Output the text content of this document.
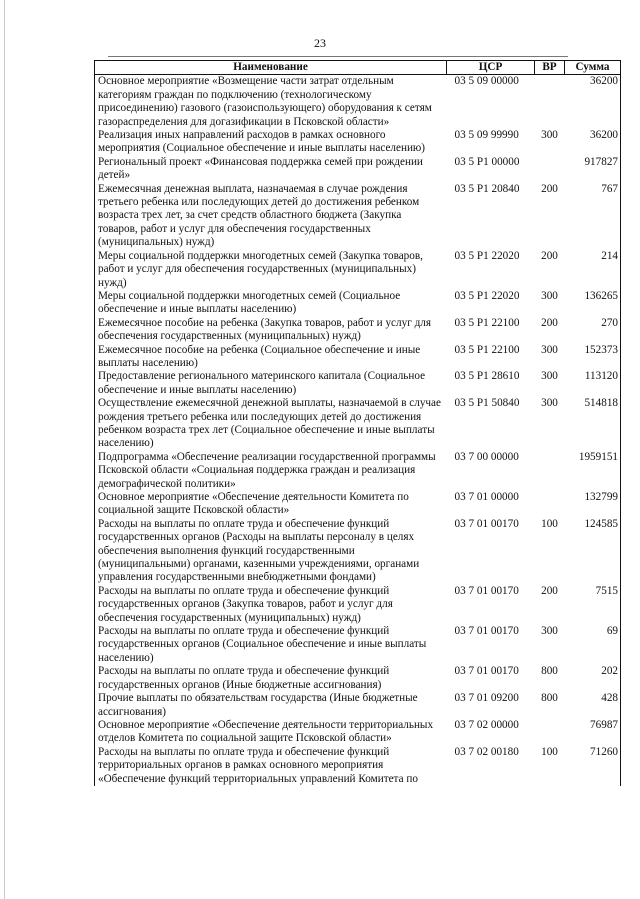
23
Наименование	ЦСР	ВР	Сумма
Основное мероприятие «Возмещение части затрат отдельным категориям граждан по подключению (технологическому присоединению) газового (газоиспользующего) оборудования к сетям газораспределения для догазификации в Псковской области»	03 5 09 00000		36200
Реализация иных направлений расходов в рамках основного мероприятия (Социальное обеспечение и иные выплаты населению)	03 5 09 99990	300	36200
Региональный проект «Финансовая поддержка семей при рождении детей»	03 5 Р1 00000		917827
Ежемесячная денежная выплата, назначаемая в случае рождения третьего ребенка или последующих детей до достижения ребенком возраста трех лет, за счет средств областного бюджета (Закупка товаров, работ и услуг для обеспечения государственных (муниципальных) нужд)	03 5 Р1 20840	200	767
Меры социальной поддержки многодетных семей (Закупка товаров, работ и услуг для обеспечения государственных (муниципальных) нужд)	03 5 Р1 22020	200	214
Меры социальной поддержки многодетных семей (Социальное обеспечение и иные выплаты населению)	03 5 Р1 22020	300	136265
Ежемесячное пособие на ребенка (Закупка товаров, работ и услуг для обеспечения государственных (муниципальных) нужд)	03 5 Р1 22100	200	270
Ежемесячное пособие на ребенка (Социальное обеспечение и иные выплаты населению)	03 5 Р1 22100	300	152373
Предоставление регионального материнского капитала (Социальное обеспечение и иные выплаты населению)	03 5 Р1 28610	300	113120
Осуществление ежемесячной денежной выплаты, назначаемой в случае рождения третьего ребенка или последующих детей до достижения ребенком возраста трех лет (Социальное обеспечение и иные выплаты населению)	03 5 Р1 50840	300	514818
Подпрограмма «Обеспечение реализации государственной программы Псковской области «Социальная поддержка граждан и реализация демографической политики»	03 7 00 00000		1959151
Основное мероприятие «Обеспечение деятельности Комитета по социальной защите Псковской области»	03 7 01 00000		132799
Расходы на выплаты по оплате труда и обеспечение функций государственных органов (Расходы на выплаты персоналу в целях обеспечения выполнения функций государственными (муниципальными) органами, казенными учреждениями, органами управления государственными внебюджетными фондами)	03 7 01 00170	100	124585
Расходы на выплаты по оплате труда и обеспечение функций государственных органов (Закупка товаров, работ и услуг для обеспечения государственных (муниципальных) нужд)	03 7 01 00170	200	7515
Расходы на выплаты по оплате труда и обеспечение функций государственных органов (Социальное обеспечение и иные выплаты населению)	03 7 01 00170	300	69
Расходы на выплаты по оплате труда и обеспечение функций государственных органов (Иные бюджетные ассигнования)	03 7 01 00170	800	202
Прочие выплаты по обязательствам государства (Иные бюджетные ассигнования)	03 7 01 09200	800	428
Основное мероприятие «Обеспечение деятельности территориальных отделов Комитета по социальной защите Псковской области»	03 7 02 00000		76987
Расходы на выплаты по оплате труда и обеспечение функций территориальных органов в рамках основного мероприятия «Обеспечение функций территориальных управлений Комитета по	03 7 02 00180	100	71260
